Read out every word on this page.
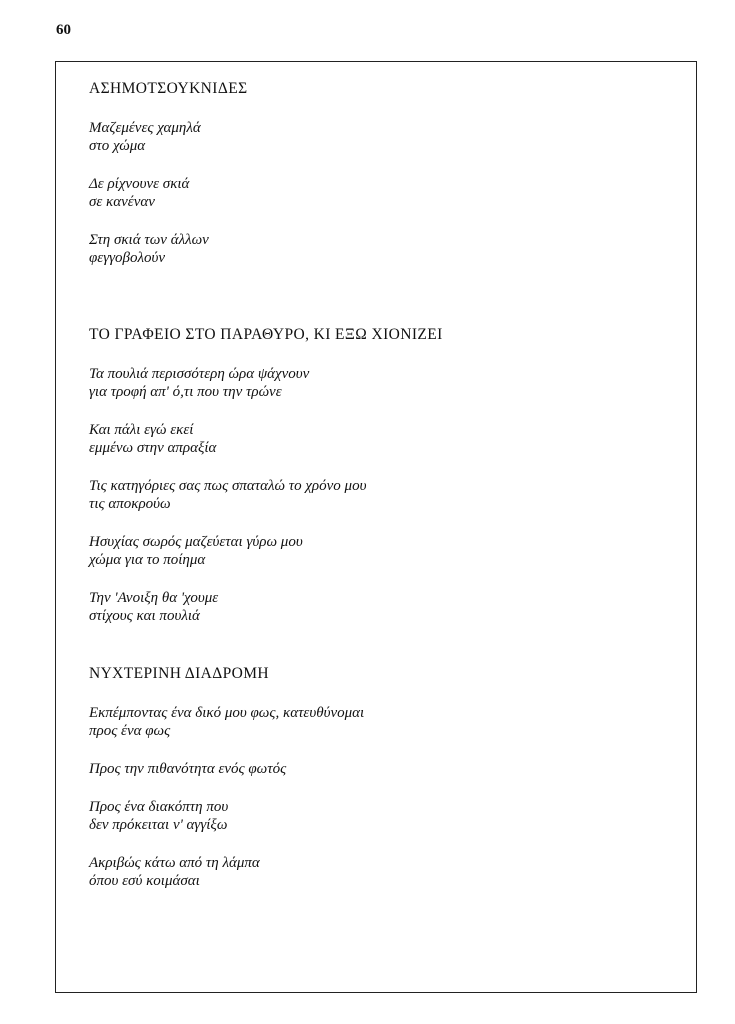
60
ΑΣΗΜΟΤΣΟΥΚΝΙΔΕΣ
Μαζεμένες χαμηλά
στο χώμα
Δε ρίχνουνε σκιά
σε κανέναν
Στη σκιά των άλλων
φεγγοβολούν
ΤΟ ΓΡΑΦΕΙΟ ΣΤΟ ΠΑΡΑΘΥΡΟ, ΚΙ ΕΞΩ ΧΙΟΝΙΖΕΙ
Τα πουλιά περισσότερη ώρα ψάχνουν
για τροφή απ' ό,τι που την τρώνε
Και πάλι εγώ εκεί
εμμένω στην απραξία
Τις κατηγόριες σας πως σπαταλώ το χρόνο μου
τις αποκρούω
Ησυχίας σωρός μαζεύεται γύρω μου
χώμα για το ποίημα
Την 'Ανοιξη θα 'χουμε
στίχους και πουλιά
ΝΥΧΤΕΡΙΝΗ ΔΙΑΔΡΟΜΗ
Εκπέμποντας ένα δικό μου φως, κατευθύνομαι
προς ένα φως
Προς την πιθανότητα ενός φωτός
Προς ένα διακόπτη που
δεν πρόκειται ν' αγγίξω
Ακριβώς κάτω από τη λάμπα
όπου εσύ κοιμάσαι
